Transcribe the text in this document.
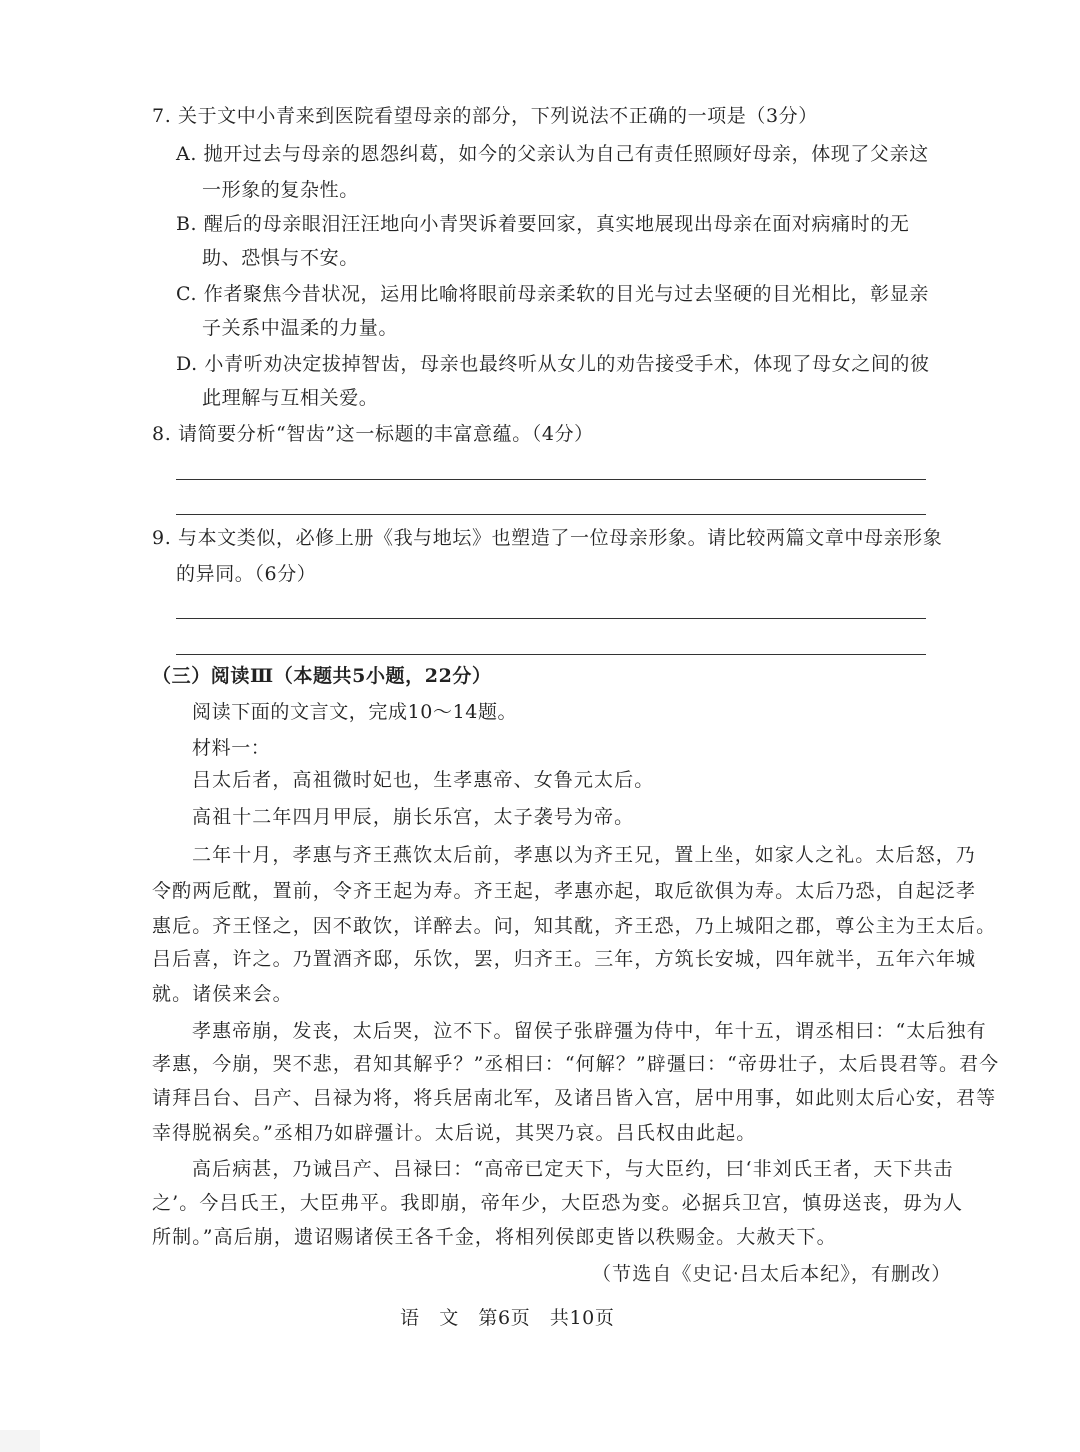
7. 关于文中小青来到医院看望母亲的部分，下列说法不正确的一项是（3分）
A. 抛开过去与母亲的恩怨纠葛，如今的父亲认为自己有责任照顾好母亲，体现了父亲这
一形象的复杂性。
B. 醒后的母亲眼泪汪汪地向小青哭诉着要回家，真实地展现出母亲在面对病痛时的无
助、恐惧与不安。
C. 作者聚焦今昔状况，运用比喻将眼前母亲柔软的目光与过去坚硬的目光相比，彰显亲
子关系中温柔的力量。
D. 小青听劝决定拔掉智齿，母亲也最终听从女儿的劝告接受手术，体现了母女之间的彼
此理解与互相关爱。
8. 请简要分析“智齿”这一标题的丰富意蕴。（4分）
9. 与本文类似，必修上册《我与地坛》也塑造了一位母亲形象。请比较两篇文章中母亲形象
的异同。（6分）
（三）阅读Ⅲ（本题共5小题，22分）
阅读下面的文言文，完成10～14题。
材料一：
吕太后者，高祖微时妃也，生孝惠帝、女鲁元太后。
高祖十二年四月甲辰，崩长乐宫，太子袭号为帝。
二年十月，孝惠与齐王燕饮太后前，孝惠以为齐王兄，置上坐，如家人之礼。太后怒，乃
令酌两卮酖，置前，令齐王起为寿。齐王起，孝惠亦起，取卮欲俱为寿。太后乃恐，自起泛孝
惠卮。齐王怪之，因不敢饮，详醉去。问，知其酖，齐王恐，乃上城阳之郡，尊公主为王太后。
吕后喜，许之。乃置酒齐邸，乐饮，罢，归齐王。三年，方筑长安城，四年就半，五年六年城
就。诸侯来会。
孝惠帝崩，发丧，太后哭，泣不下。留侯子张辟彊为侍中，年十五，谓丞相曰：“太后独有
孝惠，今崩，哭不悲，君知其解乎？”丞相曰：“何解？”辟彊曰：“帝毋壮子，太后畏君等。君今
请拜吕台、吕产、吕禄为将，将兵居南北军，及诸吕皆入宫，居中用事，如此则太后心安，君等
幸得脱祸矣。”丞相乃如辟彊计。太后说，其哭乃哀。吕氏权由此起。
高后病甚，乃诫吕产、吕禄曰：“高帝已定天下，与大臣约，曰‘非刘氏王者，天下共击
之’。今吕氏王，大臣弗平。我即崩，帝年少，大臣恐为变。必据兵卫宫，慎毋送丧，毋为人
所制。”高后崩，遗诏赐诸侯王各千金，将相列侯郎吏皆以秩赐金。大赦天下。
（节选自《史记·吕太后本纪》，有删改）
语　文　第6页　共10页
